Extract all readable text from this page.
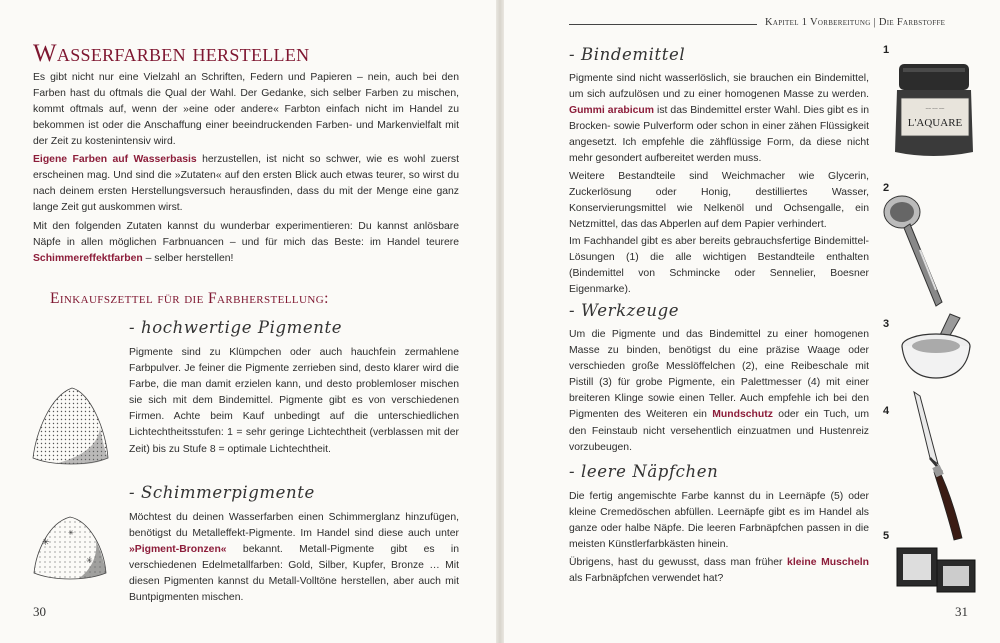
Wasserfarben herstellen
Es gibt nicht nur eine Vielzahl an Schriften, Federn und Papieren – nein, auch bei den Farben hast du oftmals die Qual der Wahl. Der Gedanke, sich selber Farben zu mischen, kommt oftmals auf, wenn der »eine oder andere« Farbton einfach nicht im Handel zu bekommen ist oder die Anschaffung einer beeindruckenden Farben- und Markenvielfalt mit der Zeit zu kostenintensiv wird.
Eigene Farben auf Wasserbasis herzustellen, ist nicht so schwer, wie es wohl zuerst erscheinen mag. Und sind die »Zutaten« auf den ersten Blick auch etwas teurer, so wirst du nach deinem ersten Herstellungsversuch herausfinden, dass du mit der Menge eine ganz lange Zeit gut auskommen wirst.
Mit den folgenden Zutaten kannst du wunderbar experimentieren: Du kannst anlösbare Näpfe in allen möglichen Farbnuancen – und für mich das Beste: im Handel teurere Schimmereffektfarben – selber herstellen!
Einkaufszettel für die Farbherstellung:
- hochwertige Pigmente
Pigmente sind zu Klümpchen oder auch hauchfein zermahlene Farbpulver. Je feiner die Pigmente zerrieben sind, desto klarer wird die Farbe, die man damit erzielen kann, und desto problemloser mischen sie sich mit dem Bindemittel. Pigmente gibt es von verschiedenen Firmen. Achte beim Kauf unbedingt auf die unterschiedlichen Lichtechtheitsstufen: 1 = sehr geringe Lichtechtheit (verblassen mit der Zeit) bis zu Stufe 8 = optimale Lichtechtheit.
- Schimmerpigmente
Möchtest du deinen Wasserfarben einen Schimmerglanz hinzufügen, benötigst du Metalleffekt-Pigmente. Im Handel sind diese auch unter »Pigment-Bronzen« bekannt. Metall-Pigmente gibt es in verschiedenen Edelmetallfarben: Gold, Silber, Kupfer, Bronze … Mit diesen Pigmenten kannst du Metall-Volltöne herstellen, aber auch mit Buntpigmenten mischen.
✳
✳
✳
30
Kapitel 1 Vorbereitung | Die Farbstoffe
- Bindemittel
Pigmente sind nicht wasserlöslich, sie brauchen ein Bindemittel, um sich aufzulösen und zu einer homogenen Masse zu werden. Gummi arabicum ist das Bindemittel erster Wahl. Dies gibt es in Brocken- sowie Pulverform oder schon in einer zähen Flüssigkeit angesetzt. Ich empfehle die zähflüssige Form, da diese nicht mehr gesondert aufbereitet werden muss.
Weitere Bestandteile sind Weichmacher wie Glycerin, Zuckerlösung oder Honig, destilliertes Wasser, Konservierungsmittel wie Nelkenöl und Ochsengalle, ein Netzmittel, das das Abperlen auf dem Papier verhindert.
Im Fachhandel gibt es aber bereits gebrauchsfertige Bindemittel-Lösungen (1) die alle wichtigen Bestandteile enthalten (Bindemittel von Schmincke oder Sennelier, Boesner Eigenmarke).
- Werkzeuge
Um die Pigmente und das Bindemittel zu einer homogenen Masse zu binden, benötigst du eine präzise Waage oder verschieden große Messlöffelchen (2), eine Reibeschale mit Pistill (3) für grobe Pigmente, ein Palettmesser (4) mit einer breiteren Klinge sowie einen Teller. Auch empfehle ich bei den Pigmenten des Weiteren ein Mundschutz oder ein Tuch, um den Feinstaub nicht versehentlich einzuatmen und Hustenreiz vorzubeugen.
- leere Näpfchen
Die fertig angemischte Farbe kannst du in Leernäpfe (5) oder kleine Cremedöschen abfüllen. Leernäpfe gibt es im Handel als ganze oder halbe Näpfe. Die leeren Farbnäpfchen passen in die meisten Künstlerfarbkästen hinein.
Übrigens, hast du gewusst, dass man früher kleine Muscheln als Farbnäpfchen verwendet hat?
31
1
2
3
4
5
~~ ~~ ~~
L'AQUARE
